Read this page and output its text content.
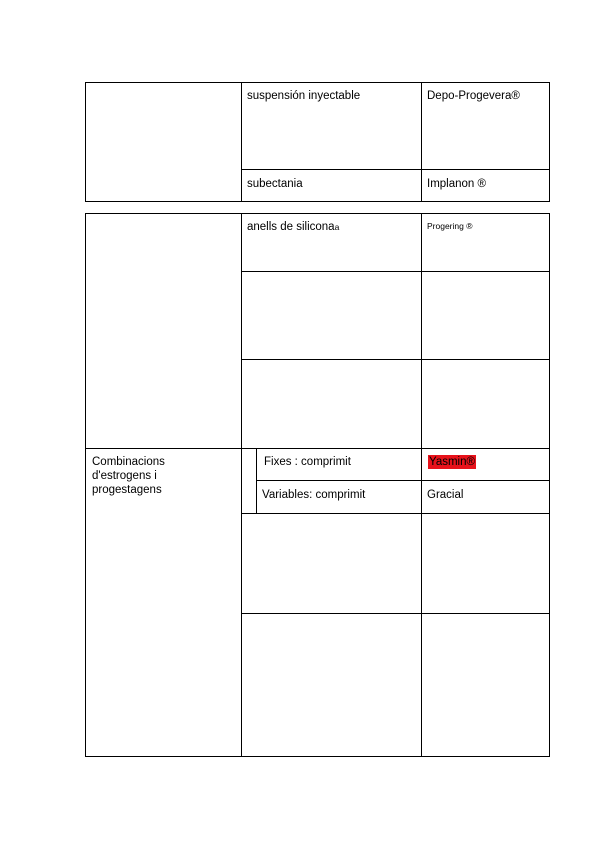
suspensión inyectable	Depo-Progevera®
subectania	Implanon ®
anells de siliconaa	Progering ®
Combinacions d'estrogens i progestagens
Fixes : comprimit	Yasmin®
Variables: comprimit	Gracial
